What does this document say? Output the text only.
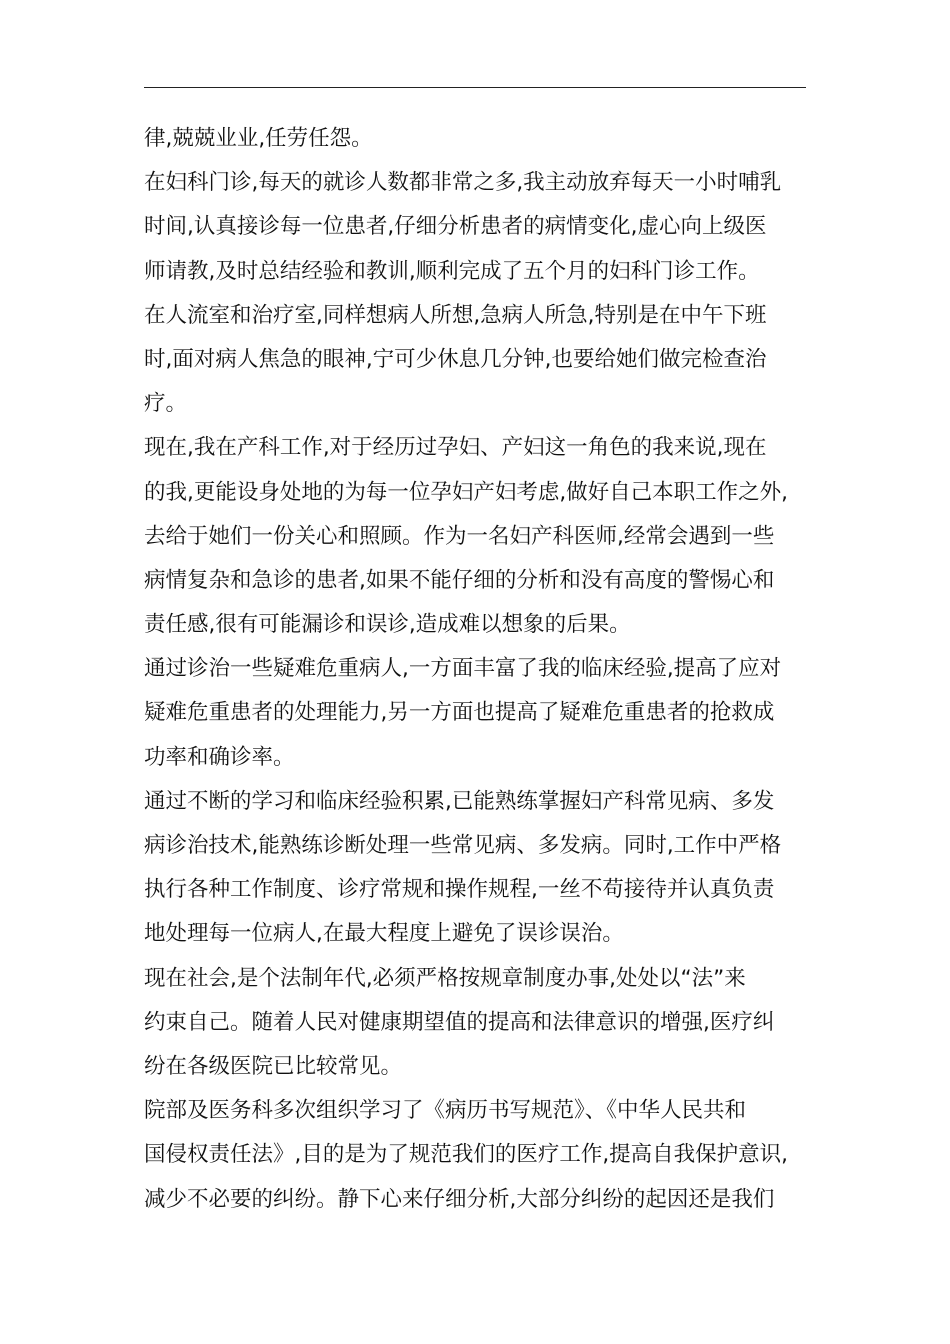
律,兢兢业业,任劳任怨。
在妇科门诊,每天的就诊人数都非常之多,我主动放弃每天一小时哺乳
时间,认真接诊每一位患者,仔细分析患者的病情变化,虚心向上级医
师请教,及时总结经验和教训,顺利完成了五个月的妇科门诊工作。
在人流室和治疗室,同样想病人所想,急病人所急,特别是在中午下班
时,面对病人焦急的眼神,宁可少休息几分钟,也要给她们做完检查治
疗。
现在,我在产科工作,对于经历过孕妇、产妇这一角色的我来说,现在
的我,更能设身处地的为每一位孕妇产妇考虑,做好自己本职工作之外,
去给于她们一份关心和照顾。作为一名妇产科医师,经常会遇到一些
病情复杂和急诊的患者,如果不能仔细的分析和没有高度的警惕心和
责任感,很有可能漏诊和误诊,造成难以想象的后果。
通过诊治一些疑难危重病人,一方面丰富了我的临床经验,提高了应对
疑难危重患者的处理能力,另一方面也提高了疑难危重患者的抢救成
功率和确诊率。
通过不断的学习和临床经验积累,已能熟练掌握妇产科常见病、多发
病诊治技术,能熟练诊断处理一些常见病、多发病。同时,工作中严格
执行各种工作制度、诊疗常规和操作规程,一丝不苟接待并认真负责
地处理每一位病人,在最大程度上避免了误诊误治。
现在社会,是个法制年代,必须严格按规章制度办事,处处以“法”来
约束自己。随着人民对健康期望值的提高和法律意识的增强,医疗纠
纷在各级医院已比较常见。
院部及医务科多次组织学习了《病历书写规范》、《中华人民共和
国侵权责任法》,目的是为了规范我们的医疗工作,提高自我保护意识,
减少不必要的纠纷。静下心来仔细分析,大部分纠纷的起因还是我们
